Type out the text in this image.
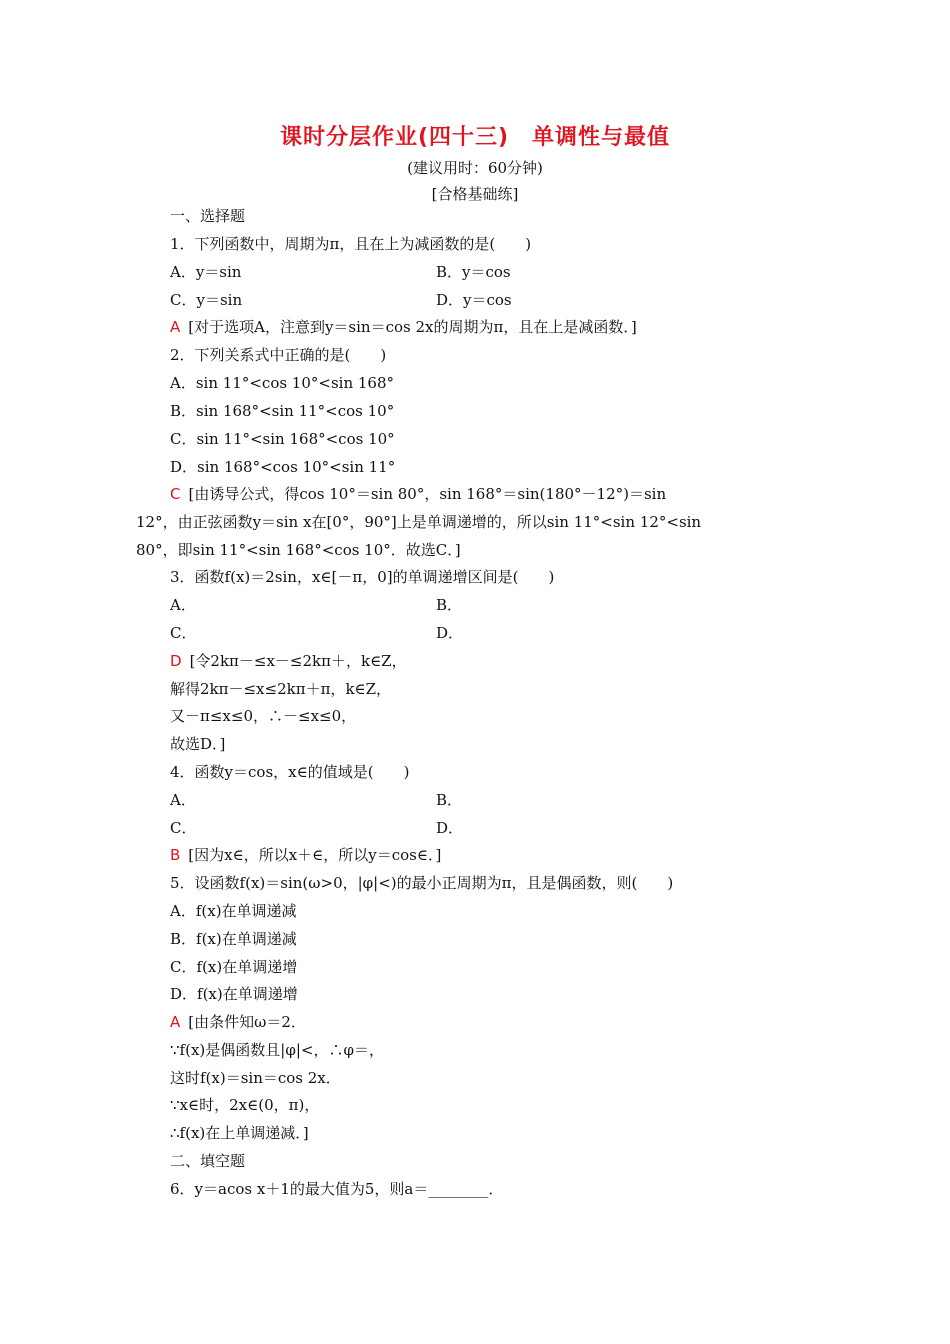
课时分层作业(四十三)　单调性与最值
(建议用时：60分钟)
[合格基础练]
一、选择题
1．下列函数中，周期为π，且在上为减函数的是(　　)
A．y＝sin	B．y＝cos
C．y＝sin	D．y＝cos
A [对于选项A，注意到y＝sin＝cos 2x的周期为π，且在上是减函数．]
2．下列关系式中正确的是(　　)
A．sin 11°<cos 10°<sin 168°
B．sin 168°<sin 11°<cos 10°
C．sin 11°<sin 168°<cos 10°
D．sin 168°<cos 10°<sin 11°
C [由诱导公式，得cos 10°＝sin 80°，sin 168°＝sin(180°－12°)＝sin
12°，由正弦函数y＝sin x在[0°，90°]上是单调递增的，所以sin 11°<sin 12°<sin
80°，即sin 11°<sin 168°<cos 10°．故选C．]
3．函数f(x)＝2sin，x∈[－π，0]的单调递增区间是(　　)
A．	B．
C．	D．
D [令2kπ－≤x－≤2kπ＋，k∈Z，
解得2kπ－≤x≤2kπ＋π，k∈Z，
又－π≤x≤0，∴－≤x≤0，
故选D．]
4．函数y＝cos，x∈的值域是(　　)
A．	B．
C．	D．
B [因为x∈，所以x＋∈，所以y＝cos∈．]
5．设函数f(x)＝sin(ω>0，|φ|<)的最小正周期为π，且是偶函数，则(　　)
A．f(x)在单调递减
B．f(x)在单调递减
C．f(x)在单调递增
D．f(x)在单调递增
A [由条件知ω＝2．
∵f(x)是偶函数且|φ|<，∴φ＝，
这时f(x)＝sin＝cos 2x．
∵x∈时，2x∈(0，π)，
∴f(x)在上单调递减．]
二、填空题
6．y＝acos x＋1的最大值为5，则a＝________．
